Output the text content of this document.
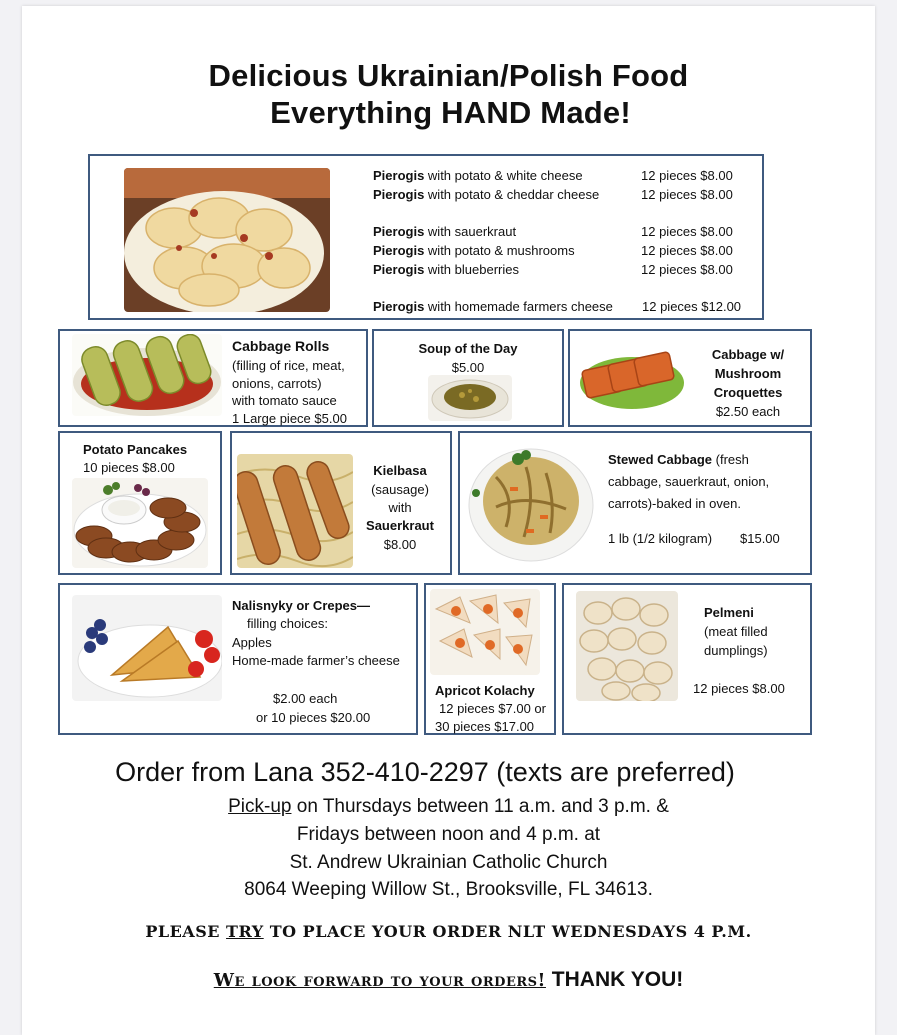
Delicious Ukrainian/Polish Food
Everything HAND Made!
Pierogis with potato & white cheese	12 pieces $8.00
Pierogis with potato & cheddar cheese	12 pieces $8.00
Pierogis with sauerkraut	12 pieces $8.00
Pierogis with potato & mushrooms	12 pieces $8.00
Pierogis with blueberries	12 pieces $8.00
Pierogis with homemade farmers cheese 12 pieces $12.00
Cabbage Rolls
(filling of rice, meat,
onions, carrots)
with tomato sauce
1 Large piece $5.00
Soup of the Day
$5.00
Cabbage w/
Mushroom
Croquettes
$2.50 each
Potato Pancakes
10 pieces $8.00	Kielbasa
(sausage)
with
Sauerkraut
$8.00
Stewed Cabbage (fresh
cabbage, sauerkraut, onion,
carrots)-baked in oven.
1 lb (1/2 kilogram) $15.00
Nalisnyky or Crepes—
filling choices:
Apples
Home-made farmer’s cheese
$2.00 each
or 10 pieces $20.00
Apricot Kolachy
12 pieces $7.00 or
30 pieces $17.00
Pelmeni
(meat filled
dumplings)
12 pieces $8.00
Order from Lana 352-410-2297 (texts are preferred)
Pick-up on Thursdays between 11 a.m. and 3 p.m. &
Fridays between noon and 4 p.m. at
St. Andrew Ukrainian Catholic Church
8064 Weeping Willow St., Brooksville, FL 34613.
PLEASE TRY TO PLACE YOUR ORDER NLT WEDNESDAYS 4 P.M.
We look forward to your orders! THANK YOU!
